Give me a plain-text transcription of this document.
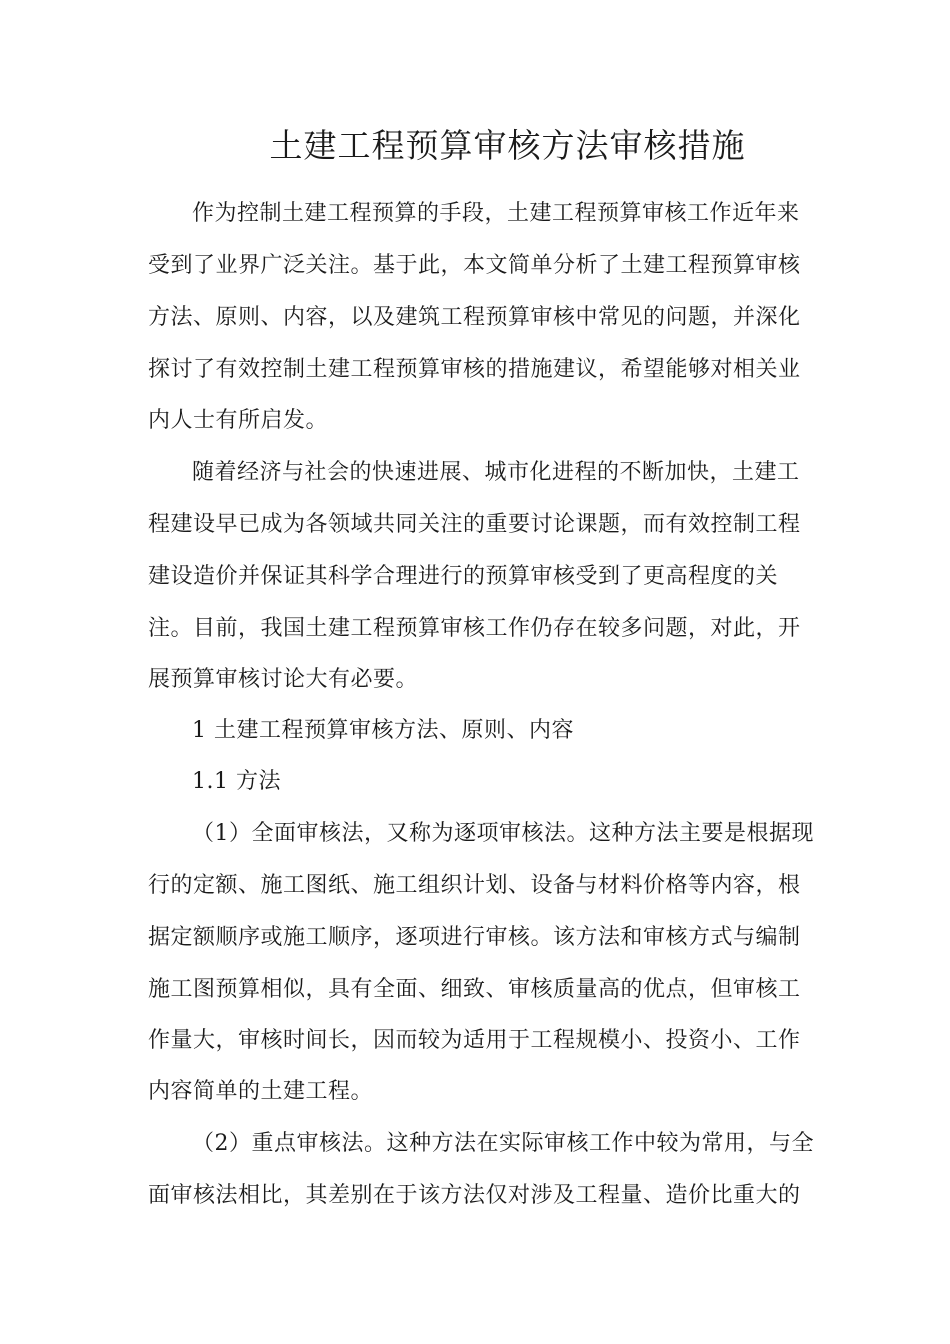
土建工程预算审核方法审核措施
作为控制土建工程预算的手段，土建工程预算审核工作近年来
受到了业界广泛关注。基于此，本文简单分析了土建工程预算审核
方法、原则、内容，以及建筑工程预算审核中常见的问题，并深化
探讨了有效控制土建工程预算审核的措施建议，希望能够对相关业
内人士有所启发。
随着经济与社会的快速进展、城市化进程的不断加快，土建工
程建设早已成为各领域共同关注的重要讨论课题，而有效控制工程
建设造价并保证其科学合理进行的预算审核受到了更高程度的关
注。目前，我国土建工程预算审核工作仍存在较多问题，对此，开
展预算审核讨论大有必要。
1 土建工程预算审核方法、原则、内容
1.1 方法
（1）全面审核法，又称为逐项审核法。这种方法主要是根据现
行的定额、施工图纸、施工组织计划、设备与材料价格等内容，根
据定额顺序或施工顺序，逐项进行审核。该方法和审核方式与编制
施工图预算相似，具有全面、细致、审核质量高的优点，但审核工
作量大，审核时间长，因而较为适用于工程规模小、投资小、工作
内容简单的土建工程。
（2）重点审核法。这种方法在实际审核工作中较为常用，与全
面审核法相比，其差别在于该方法仅对涉及工程量、造价比重大的
